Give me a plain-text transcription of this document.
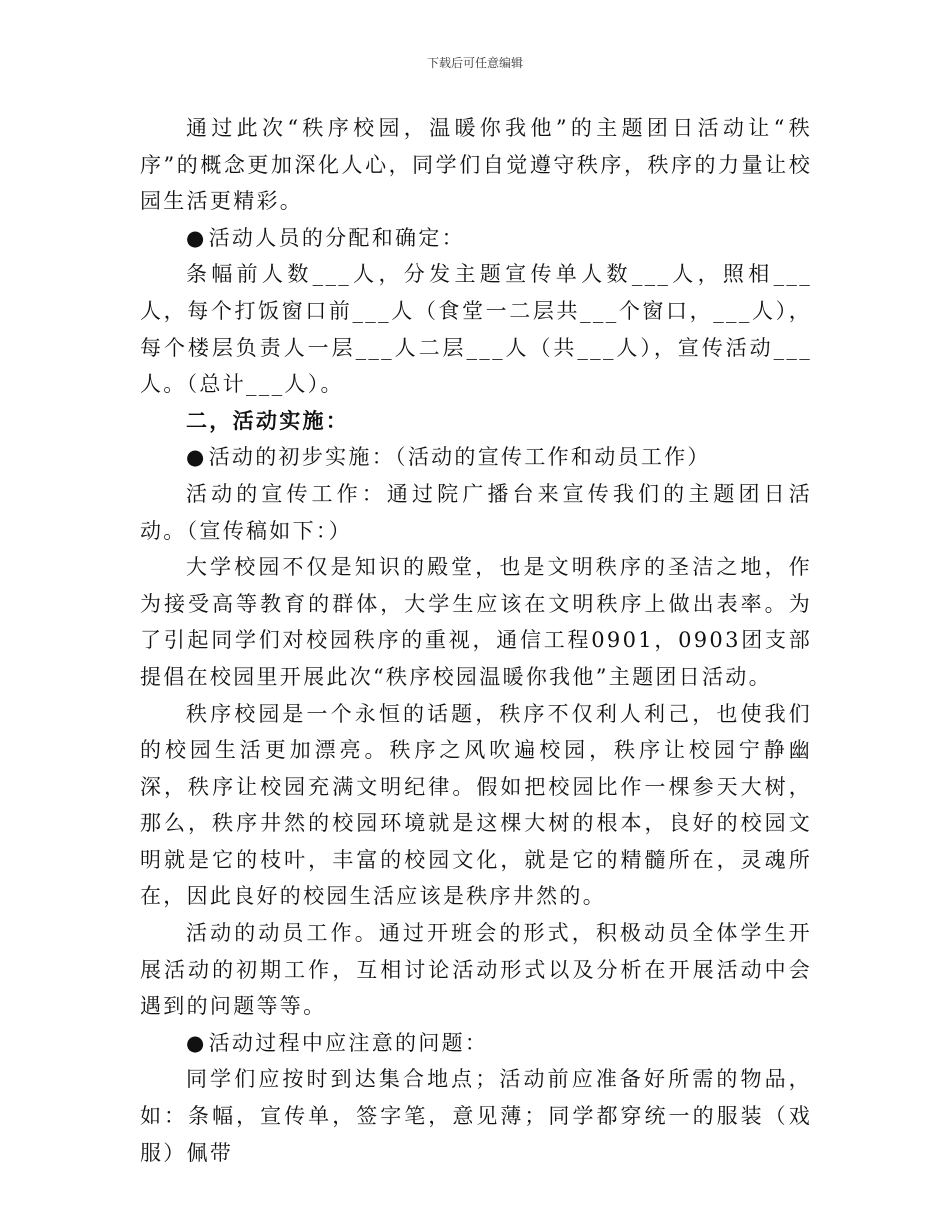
下载后可任意编辑

通过此次“秩序校园，温暖你我他”的主题团日活动让“秩序”的概念更加深化人心，同学们自觉遵守秩序，秩序的力量让校园生活更精彩。

● 活动人员的分配和确定：

条幅前人数___人，分发主题宣传单人数___人，照相___人，每个打饭窗口前___人（食堂一二层共___个窗口，___人），每个楼层负责人一层___人二层___人（共___人），宣传活动___人。（总计___人）。

二，活动实施：

● 活动的初步实施：（活动的宣传工作和动员工作）

活动的宣传工作：通过院广播台来宣传我们的主题团日活动。（宣传稿如下：）

大学校园不仅是知识的殿堂，也是文明秩序的圣洁之地，作为接受高等教育的群体，大学生应该在文明秩序上做出表率。为了引起同学们对校园秩序的重视，通信工程0901，0903团支部提倡在校园里开展此次“秩序校园温暖你我他”主题团日活动。

秩序校园是一个永恒的话题，秩序不仅利人利己，也使我们的校园生活更加漂亮。秩序之风吹遍校园，秩序让校园宁静幽深，秩序让校园充满文明纪律。假如把校园比作一棵参天大树，那么，秩序井然的校园环境就是这棵大树的根本，良好的校园文明就是它的枝叶，丰富的校园文化，就是它的精髓所在，灵魂所在，因此良好的校园生活应该是秩序井然的。

活动的动员工作。通过开班会的形式，积极动员全体学生开展活动的初期工作，互相讨论活动形式以及分析在开展活动中会遇到的问题等等。

● 活动过程中应注意的问题：

同学们应按时到达集合地点；活动前应准备好所需的物品，如：条幅，宣传单，签字笔，意见薄；同学都穿统一的服装（戏服）佩带
